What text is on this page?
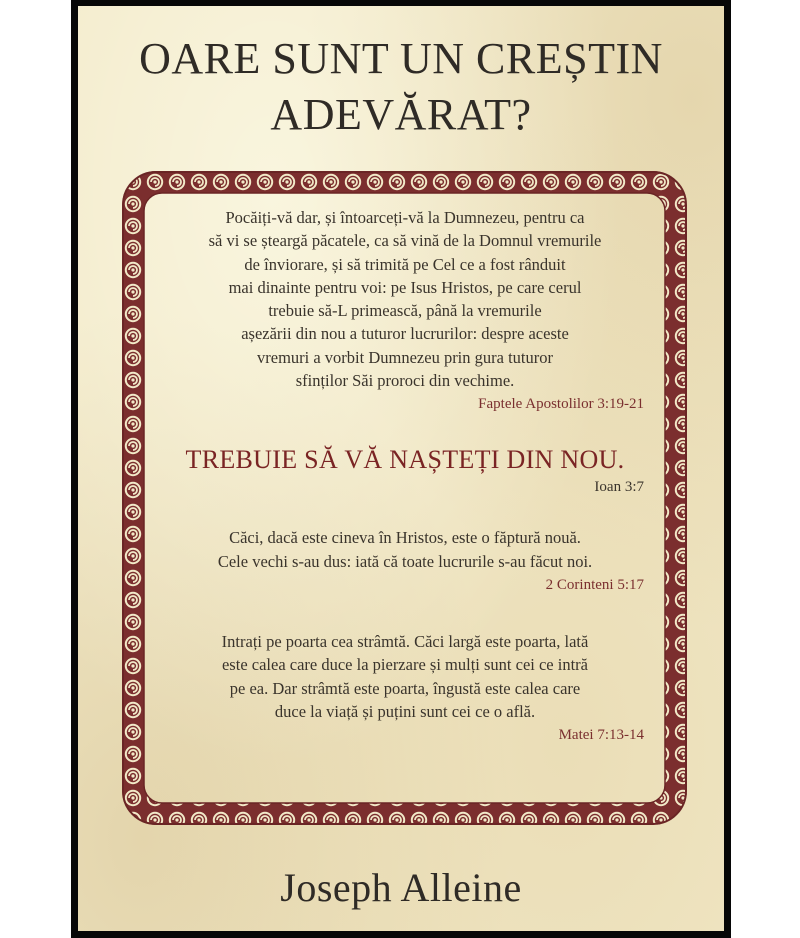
OARE SUNT UN CREȘTIN
ADEVĂRAT?

Pocăiți-vă dar, și întoarceți-vă la Dumnezeu, pentru ca
să vi se șteargă păcatele, ca să vină de la Domnul vremurile
de înviorare, și să trimită pe Cel ce a fost rânduit
mai dinainte pentru voi: pe Isus Hristos, pe care cerul
trebuie să-L primească, până la vremurile
așezării din nou a tuturor lucrurilor: despre aceste
vremuri a vorbit Dumnezeu prin gura tuturor
sfinților Săi proroci din vechime.

Faptele Apostolilor 3:19-21

TREBUIE SĂ VĂ NAȘTEȚI DIN NOU.

Ioan 3:7

Căci, dacă este cineva în Hristos, este o făptură nouă.
Cele vechi s-au dus: iată că toate lucrurile s-au făcut noi.

2 Corinteni 5:17

Intrați pe poarta cea strâmtă. Căci largă este poarta, lată
este calea care duce la pierzare și mulți sunt cei ce intră
pe ea. Dar strâmtă este poarta, îngustă este calea care
duce la viață și puțini sunt cei ce o află.

Matei 7:13-14
Joseph Alleine
